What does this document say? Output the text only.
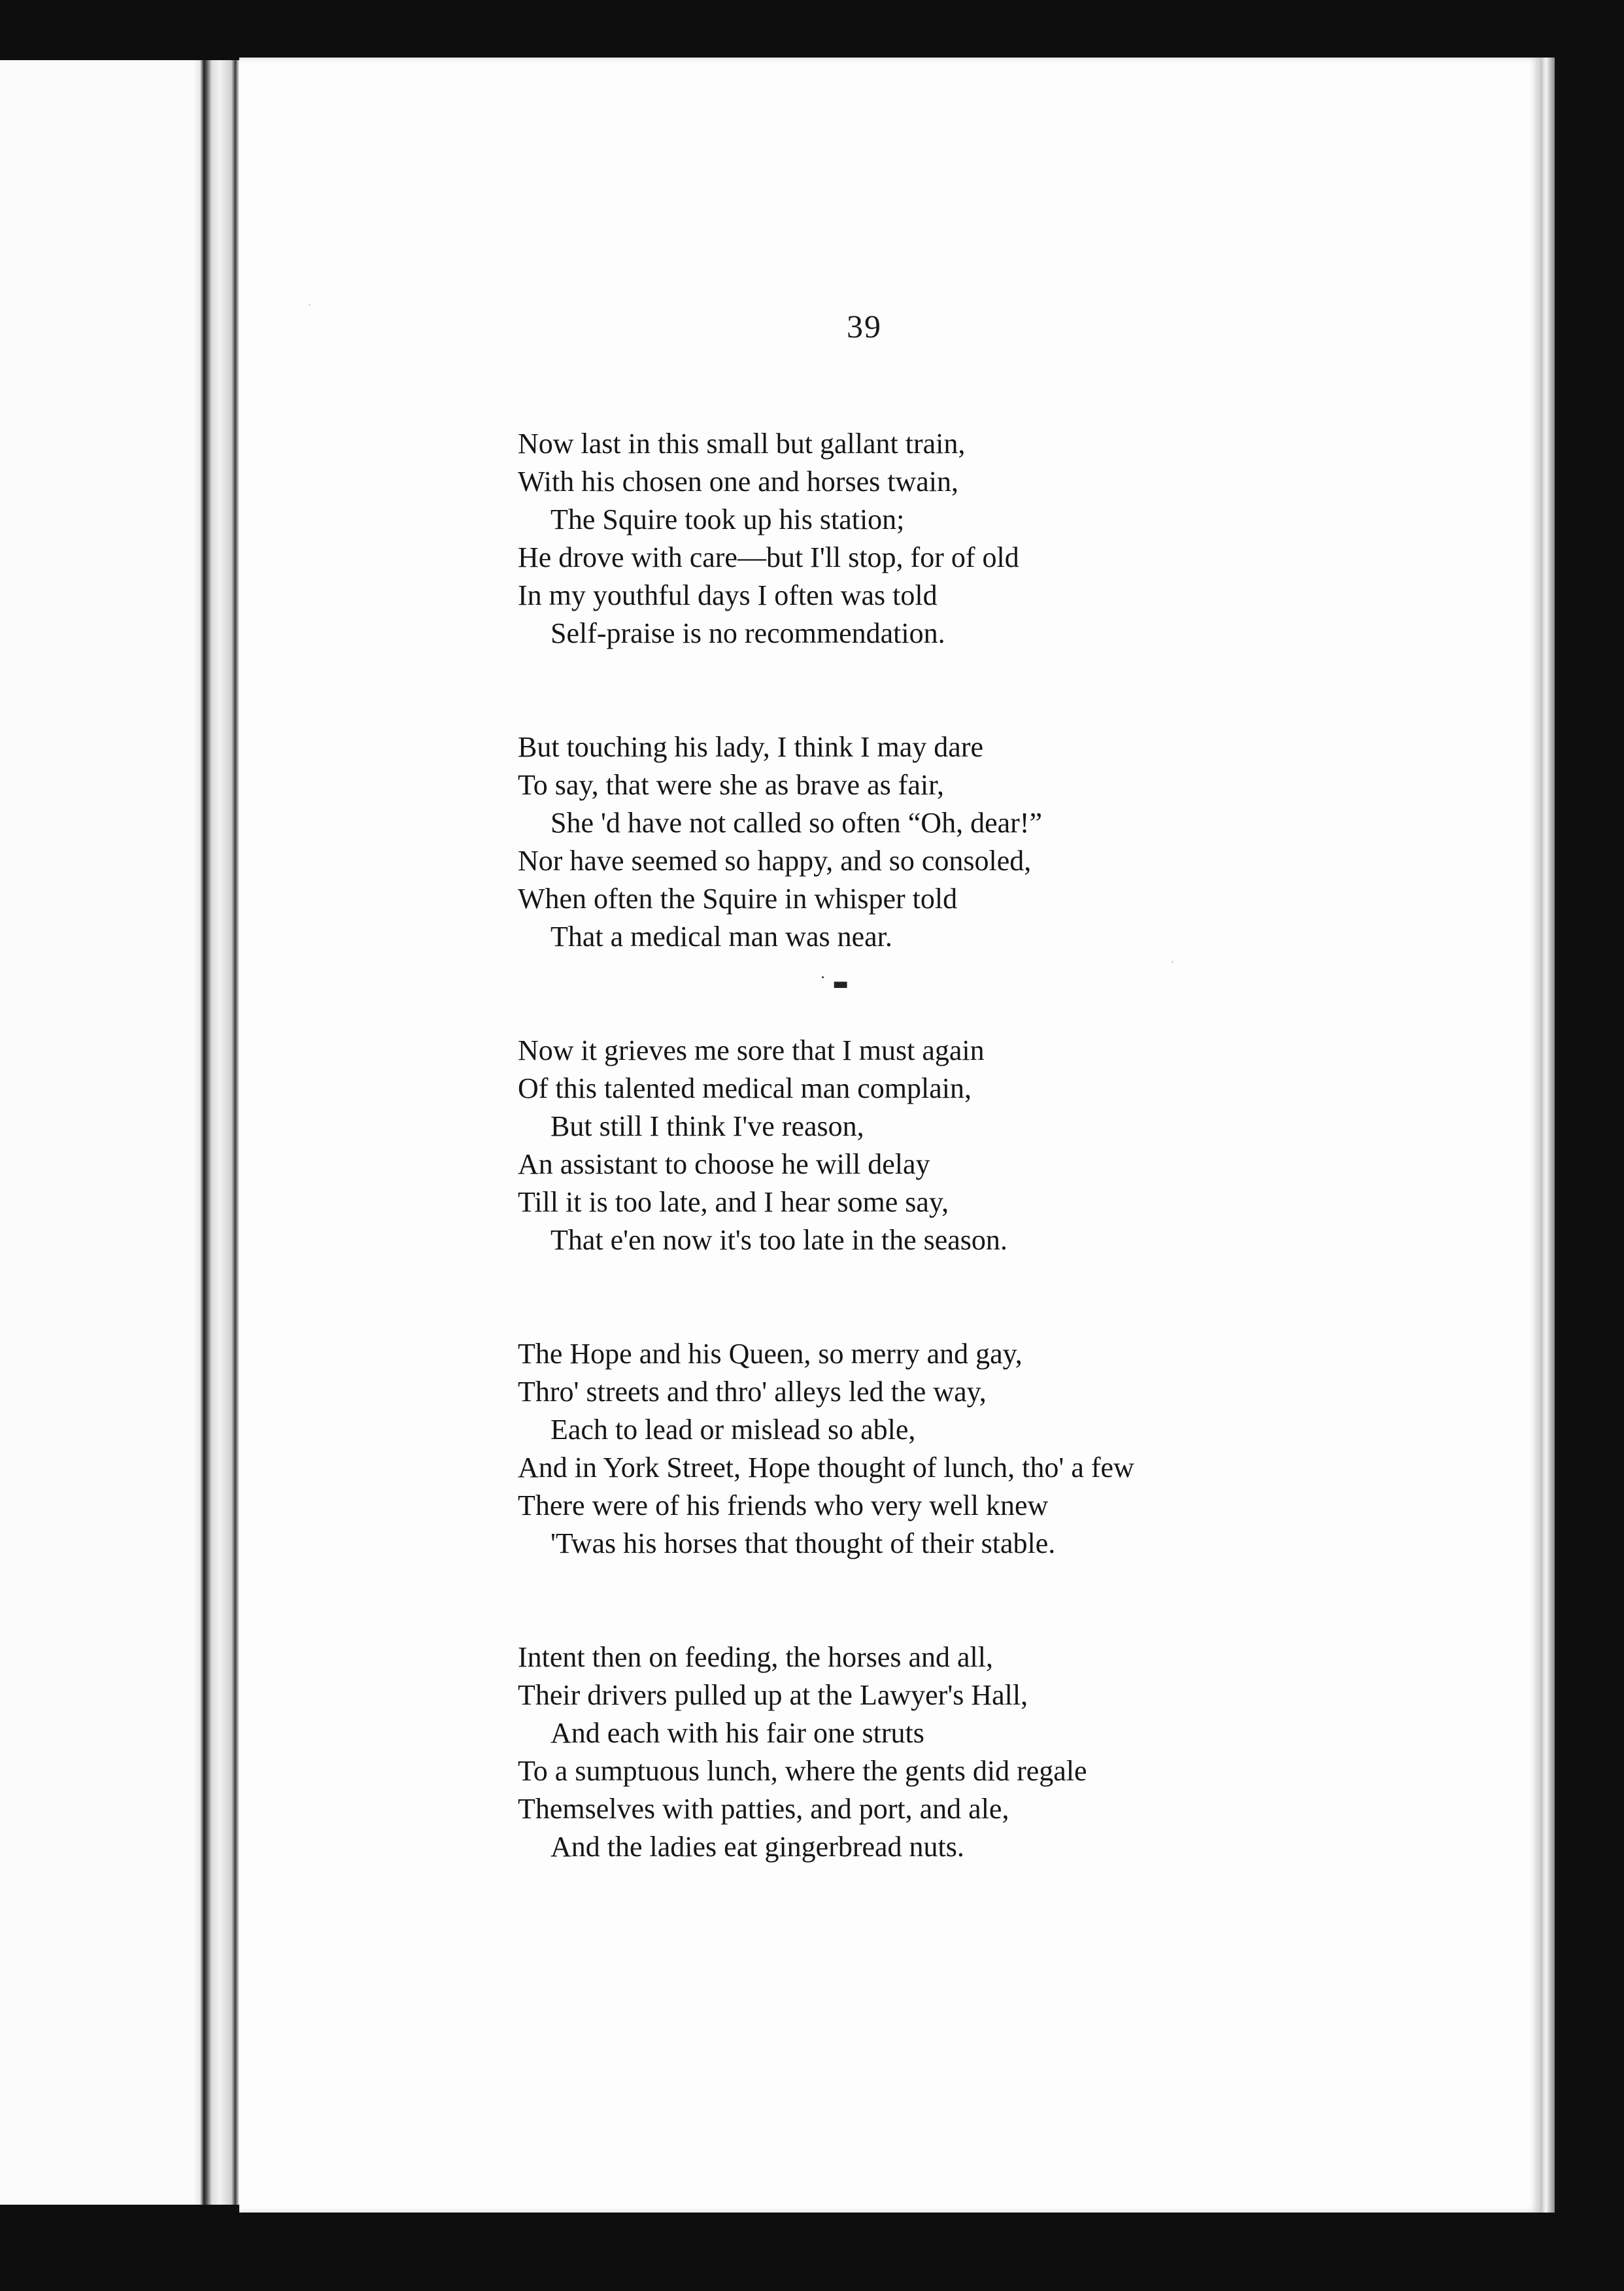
39
˙ ▬
·
·
Now last in this small but gallant train,
With his chosen one and horses twain,
The Squire took up his station;
He drove with care—but I'll stop, for of old
In my youthful days I often was told
Self-praise is no recommendation.
But touching his lady, I think I may dare
To say, that were she as brave as fair,
She 'd have not called so often “Oh, dear!”
Nor have seemed so happy, and so consoled,
When often the Squire in whisper told
That a medical man was near.
Now it grieves me sore that I must again
Of this talented medical man complain,
But still I think I've reason,
An assistant to choose he will delay
Till it is too late, and I hear some say,
That e'en now it's too late in the season.
The Hope and his Queen, so merry and gay,
Thro' streets and thro' alleys led the way,
Each to lead or mislead so able,
And in York Street, Hope thought of lunch, tho' a few
There were of his friends who very well knew
'Twas his horses that thought of their stable.
Intent then on feeding, the horses and all,
Their drivers pulled up at the Lawyer's Hall,
And each with his fair one struts
To a sumptuous lunch, where the gents did regale
Themselves with patties, and port, and ale,
And the ladies eat gingerbread nuts.
